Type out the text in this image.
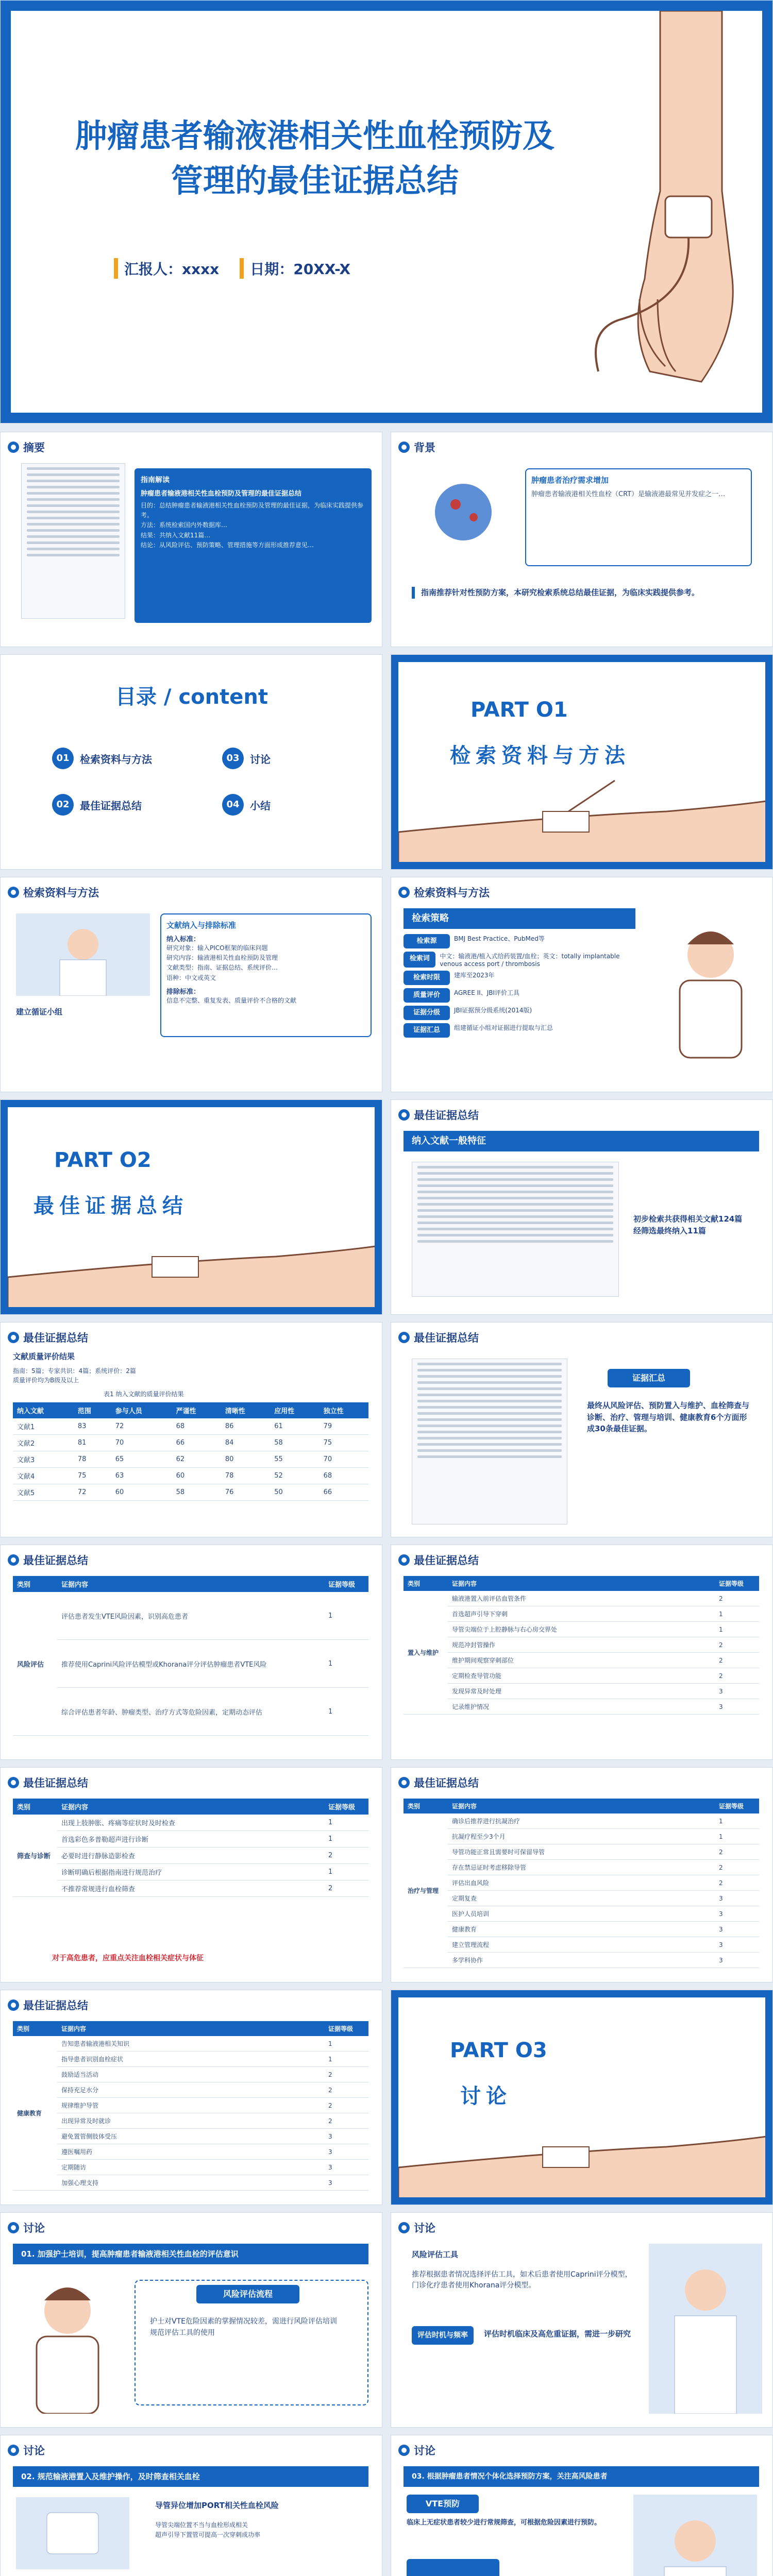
肿瘤患者输液港相关性血栓预防及
管理的最佳证据总结
汇报人：xxxx	日期：20XX-X
摘要
指南解读
肿瘤患者输液港相关性血栓预防及管理的最佳证据总结
目的：总结肿瘤患者输液港相关性血栓预防及管理的最佳证据，为临床实践提供参考。
方法：系统检索国内外数据库…
结果：共纳入文献11篇…
结论：从风险评估、预防策略、管理措施等方面形成推荐意见…
背景
肿瘤患者治疗需求增加
肿瘤患者输液港相关性血栓（CRT）是输液港最常见并发症之一…
指南推荐针对性预防方案，本研究检索系统总结最佳证据，为临床实践提供参考。
目录 / content
01	检索资料与方法	03	讨论
02	最佳证据总结	04	小结
PART O1
检索资料与方法
检索资料与方法
文献纳入与排除标准
纳入标准：
研究对象：输入PICO框架的临床问题
研究内容：输液港相关性血栓预防及管理
文献类型：指南、证据总结、系统评价…
语种：中文或英文
排除标准：
信息不完整、重复发表、质量评价不合格的文献
建立循证小组
检索资料与方法
检索策略
检索源	BMJ Best Practice、PubMed等
检索词	中文：输液港/植入式给药装置/血栓；英文：totally implantable venous access port / thrombosis
检索时限	建库至2023年
质量评价	AGREE II、JBI评价工具
证据分级	JBI证据预分级系统(2014版)
证据汇总	组建循证小组对证据进行提取与汇总
PART O2
最佳证据总结
最佳证据总结
纳入文献一般特征
初步检索共获得相关文献124篇
经筛选最终纳入11篇
最佳证据总结
文献质量评价结果
指南：5篇；专家共识：4篇；系统评价：2篇
质量评价均为B级及以上
表1 纳入文献的质量评价结果
纳入文献	范围	参与人员	严谨性	清晰性	应用性	独立性
文献1	83	72	68	86	61	79
文献2	81	70	66	84	58	75
文献3	78	65	62	80	55	70
文献4	75	63	60	78	52	68
文献5	72	60	58	76	50	66
最佳证据总结
证据汇总
最终从风险评估、预防置入与维护、血栓筛查与诊断、治疗、管理与培训、健康教育6个方面形成30条最佳证据。
最佳证据总结
类别	证据内容	证据等级
风险评估	评估患者发生VTE风险因素，识别高危患者	1
	推荐使用Caprini风险评估模型或Khorana评分评估肿瘤患者VTE风险	1
	综合评估患者年龄、肿瘤类型、治疗方式等危险因素，定期动态评估	1
最佳证据总结
类别	证据内容	证据等级
置入与维护	输液港置入前评估血管条件	2
	首选超声引导下穿刺	1
	导管尖端位于上腔静脉与右心房交界处	1
	规范冲封管操作	2
	维护期间观察穿刺部位	2
	定期检查导管功能	2
	发现异常及时处理	3
	记录维护情况	3
最佳证据总结
类别	证据内容	证据等级
筛查与诊断	出现上肢肿胀、疼痛等症状时及时检查	1
	首选彩色多普勒超声进行诊断	1
	必要时进行静脉造影检查	2
	诊断明确后根据指南进行规范治疗	1
	不推荐常规进行血栓筛查	2
对于高危患者，应重点关注血栓相关症状与体征
最佳证据总结
类别	证据内容	证据等级
治疗与管理	确诊后推荐进行抗凝治疗	1
	抗凝疗程至少3个月	1
	导管功能正常且需要时可保留导管	2
	存在禁忌证时考虑移除导管	2
	评估出血风险	2
	定期复查	3
	医护人员培训	3
	健康教育	3
	建立管理流程	3
	多学科协作	3
最佳证据总结
类别	证据内容	证据等级
健康教育	告知患者输液港相关知识	1
	指导患者识别血栓症状	1
	鼓励适当活动	2
	保持充足水分	2
	规律维护导管	2
	出现异常及时就诊	2
	避免置管侧肢体受压	3
	遵医嘱用药	3
	定期随访	3
	加强心理支持	3
PART O3
讨论
讨论
01. 加强护士培训，提高肿瘤患者输液港相关性血栓的评估意识
风险评估流程
护士对VTE危险因素的掌握情况较差，需进行风险评估培训
规范评估工具的使用
讨论
风险评估工具
推荐根据患者情况选择评估工具，如术后患者使用Caprini评分模型，门诊化疗患者使用Khorana评分模型。
评估时机与频率	评估时机临床及高危重证据，需进一步研究
讨论
02. 规范输液港置入及维护操作，及时筛查相关血栓
导管异位增加PORT相关性血栓风险
导管尖端位置不当与血栓形成相关
超声引导下置管可提高一次穿刺成功率
讨论
03. 根据肿瘤患者情况个体化选择预防方案，关注高风险患者
VTE预防
临床上无症状患者较少进行常规筛查，可根据危险因素进行预防。
